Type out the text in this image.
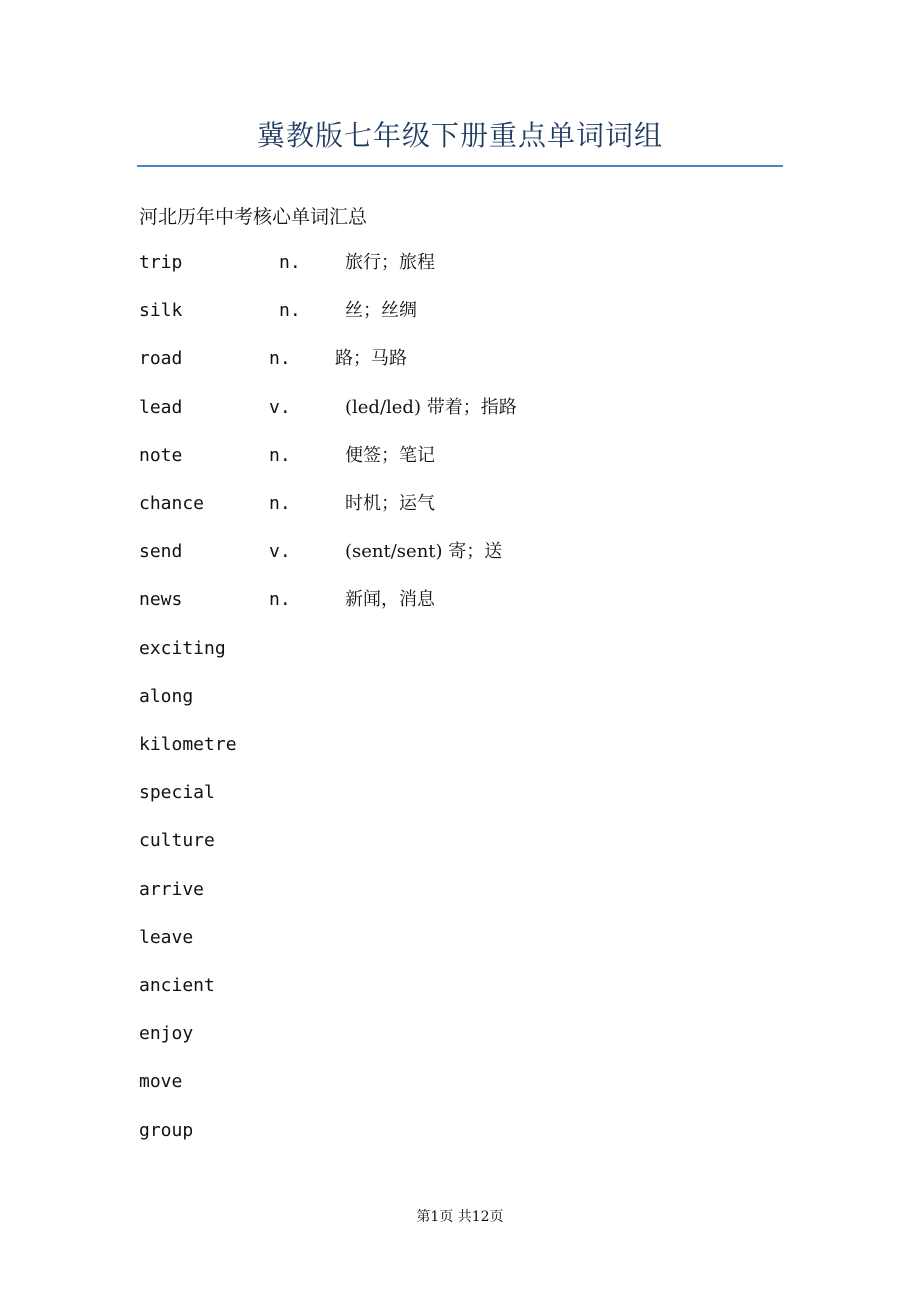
冀教版七年级下册重点单词词组
河北历年中考核心单词汇总
trip	n. 旅行；旅程
silk	n. 丝；丝绸
road	n. 路；马路
lead	v.	(led/led) 带着；指路
note	n.	便签；笔记
chance	n.	时机；运气
send	v.	(sent/sent) 寄；送
news	n.	新闻，消息
exciting
along
kilometre
special
culture
arrive
leave
ancient
enjoy
move
group
第1页 共12页
